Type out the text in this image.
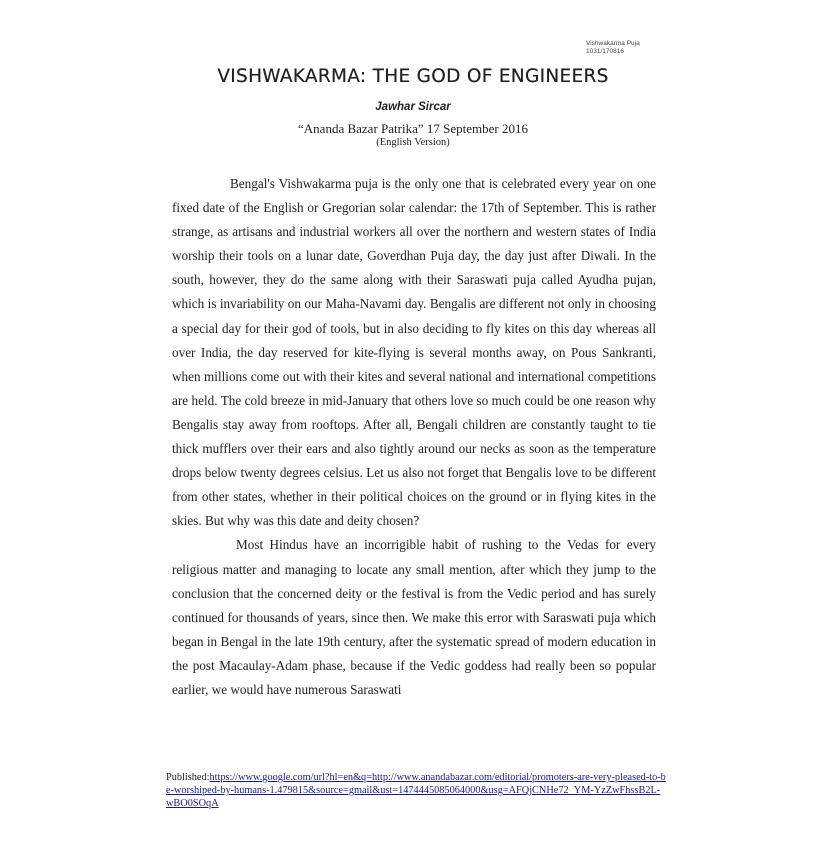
Vishwakarma Puja
1031/170816
VISHWAKARMA: THE GOD OF ENGINEERS
Jawhar Sircar
“Ananda Bazar Patrika” 17 September 2016
(English Version)

Bengal's Vishwakarma puja is the only one that is celebrated every year on one fixed date of the English or Gregorian solar calendar: the 17th of September. This is rather strange, as artisans and industrial workers all over the northern and western states of India worship their tools on a lunar date, Goverdhan Puja day, the day just after Diwali. In the south, however, they do the same along with their Saraswati puja called Ayudha pujan, which is invariability on our Maha-Navami day. Bengalis are different not only in choosing a special day for their god of tools, but in also deciding to fly kites on this day whereas all over India, the day reserved for kite-flying is several months away, on Pous Sankranti, when millions come out with their kites and several national and international competitions are held. The cold breeze in mid-January that others love so much could be one reason why Bengalis stay away from rooftops. After all, Bengali children are constantly taught to tie thick mufflers over their ears and also tightly around our necks as soon as the temperature drops below twenty degrees celsius. Let us also not forget that Bengalis love to be different from other states, whether in their political choices on the ground or in flying kites in the skies. But why was this date and deity chosen?

Most Hindus have an incorrigible habit of rushing to the Vedas for every religious matter and managing to locate any small mention, after which they jump to the conclusion that the concerned deity or the festival is from the Vedic period and has surely continued for thousands of years, since then. We make this error with Saraswati puja which began in Bengal in the late 19th century, after the systematic spread of modern education in the post Macaulay-Adam phase, because if the Vedic goddess had really been so popular earlier, we would have numerous Saraswati

Published:https://www.google.com/url?hl=en&q=http://www.anandabazar.com/editorial/promoters-are-very-pleased-to-be-worshiped-by-humans-1.479815&source=gmail&ust=1474445085064000&usg=AFQjCNHe72_YM-YzZwFhssB2L-wBO0SOqA
